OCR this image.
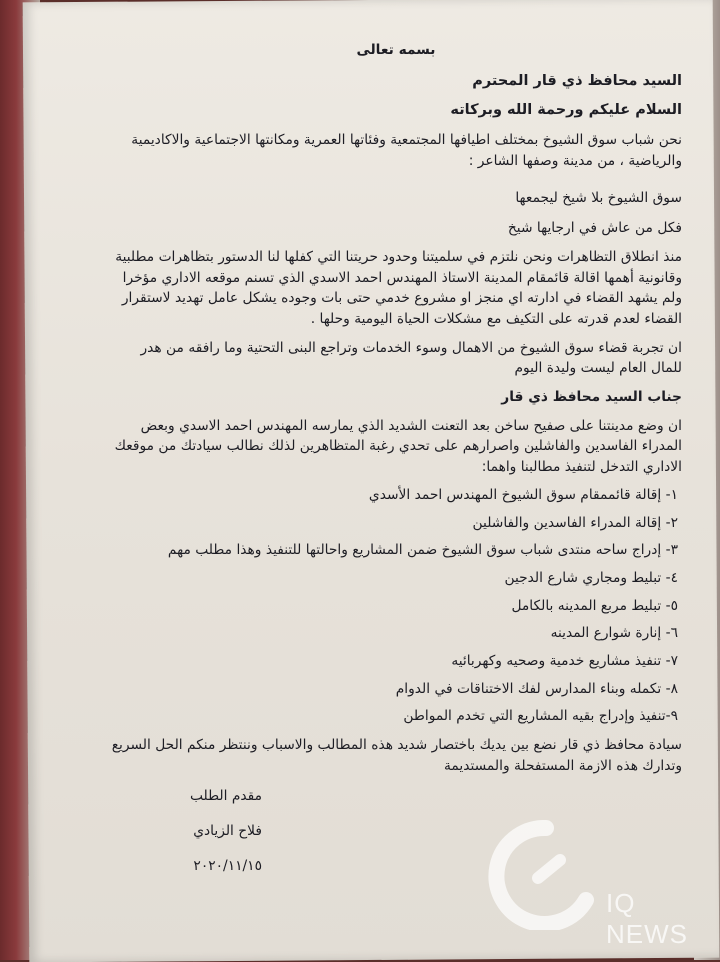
بسمه تعالى

السيد محافظ ذي قار المحترم

السلام عليكم ورحمة الله وبركاته

نحن شباب سوق الشيوخ بمختلف اطيافها المجتمعية وفئاتها العمرية ومكانتها الاجتماعية والاكاديمية والرياضية ، من مدينة وصفها الشاعر :

سوق الشيوخ بلا شيخ ليجمعها

فكل من عاش في ارجايها شيخ

منذ انطلاق التظاهرات ونحن نلتزم في سلميتنا وحدود حريتنا التي كفلها لنا الدستور بتظاهرات مطلبية وقانونية أهمها اقالة قائمقام المدينة الاستاذ المهندس احمد الاسدي الذي تسنم موقعه الاداري مؤخرا ولم يشهد القضاء في ادارته اي منجز او مشروع خدمي حتى بات وجوده يشكل عامل تهديد لاستقرار القضاء لعدم قدرته على التكيف مع مشكلات الحياة اليومية وحلها .

ان تجربة قضاء سوق الشيوخ من الاهمال وسوء الخدمات وتراجع البنى التحتية وما رافقه من هدر للمال العام ليست وليدة اليوم

جناب السيد محافظ ذي قار

ان وضع مدينتنا على صفيح ساخن بعد التعنت الشديد الذي يمارسه المهندس احمد الاسدي وبعض المدراء الفاسدين والفاشلين واصرارهم على تحدي رغبة المتظاهرين لذلك نطالب سيادتك من موقعك الاداري التدخل لتنفيذ مطالبنا واهما:

١- إقالة قائممقام سوق الشيوخ المهندس احمد الأسدي

٢- إقالة المدراء الفاسدين والفاشلين

٣- إدراج ساحه منتدى شباب سوق الشيوخ ضمن المشاريع واحالتها للتنفيذ وهذا مطلب مهم

٤- تبليط ومجاري شارع الدجين

٥- تبليط مربع المدينه بالكامل

٦- إنارة شوارع المدينه

٧- تنفيذ مشاريع خدمية وصحيه وكهربائيه

٨- تكمله وبناء المدارس لفك الاختناقات في الدوام

٩-تنفيذ وإدراج بقيه المشاريع التي تخدم المواطن

سيادة محافظ ذي قار نضع بين يديك باختصار شديد هذه المطالب والاسباب وننتظر منكم الحل السريع وتدارك هذه الازمة المستفحلة والمستديمة

مقدم الطلب

فلاح الزيادي

٢٠٢٠/١١/١٥

IQ NEWS
